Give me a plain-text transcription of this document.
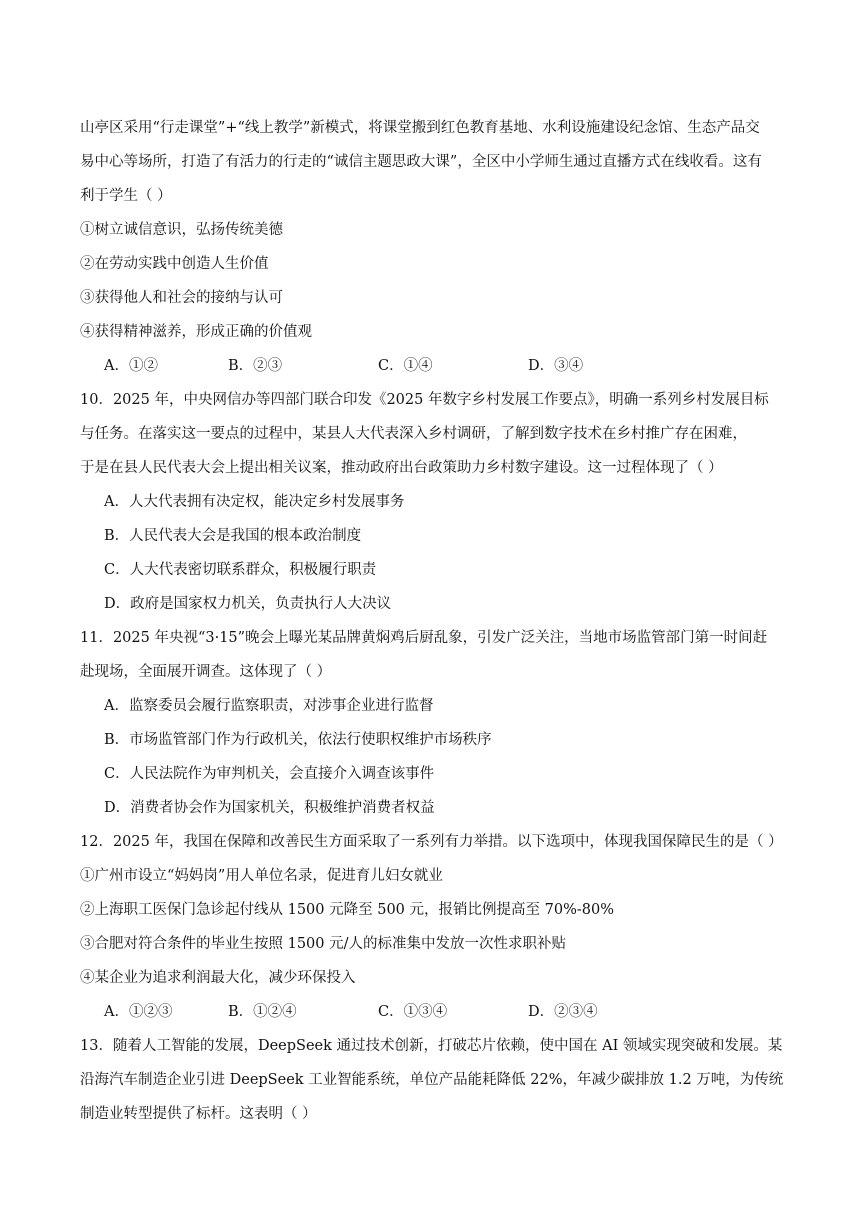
山亭区采用“行走课堂”+“线上教学”新模式，将课堂搬到红色教育基地、水利设施建设纪念馆、生态产品交
易中心等场所，打造了有活力的行走的“诚信主题思政大课”，全区中小学师生通过直播方式在线收看。这有
利于学生（ ）
①树立诚信意识，弘扬传统美德
②在劳动实践中创造人生价值
③获得他人和社会的接纳与认可
④获得精神滋养，形成正确的价值观
A．①②	B．②③	C．①④	D．③④
10．2025 年，中央网信办等四部门联合印发《2025 年数字乡村发展工作要点》，明确一系列乡村发展目标
与任务。在落实这一要点的过程中，某县人大代表深入乡村调研，了解到数字技术在乡村推广存在困难，
于是在县人民代表大会上提出相关议案，推动政府出台政策助力乡村数字建设。这一过程体现了（ ）
A．人大代表拥有决定权，能决定乡村发展事务
B．人民代表大会是我国的根本政治制度
C．人大代表密切联系群众，积极履行职责
D．政府是国家权力机关，负责执行人大决议
11．2025 年央视“3·15”晚会上曝光某品牌黄焖鸡后厨乱象，引发广泛关注，当地市场监管部门第一时间赶
赴现场，全面展开调查。这体现了（ ）
A．监察委员会履行监察职责，对涉事企业进行监督
B．市场监管部门作为行政机关，依法行使职权维护市场秩序
C．人民法院作为审判机关，会直接介入调查该事件
D．消费者协会作为国家机关，积极维护消费者权益
12．2025 年，我国在保障和改善民生方面采取了一系列有力举措。以下选项中，体现我国保障民生的是（ ）
①广州市设立“妈妈岗”用人单位名录，促进育儿妇女就业
②上海职工医保门急诊起付线从 1500 元降至 500 元，报销比例提高至 70%-80%
③合肥对符合条件的毕业生按照 1500 元/人的标准集中发放一次性求职补贴
④某企业为追求利润最大化，减少环保投入
A．①②③	B．①②④	C．①③④	D．②③④
13．随着人工智能的发展，DeepSeek 通过技术创新，打破芯片依赖，使中国在 AI 领域实现突破和发展。某
沿海汽车制造企业引进 DeepSeek 工业智能系统，单位产品能耗降低 22%，年减少碳排放 1.2 万吨，为传统
制造业转型提供了标杆。这表明（ ）
